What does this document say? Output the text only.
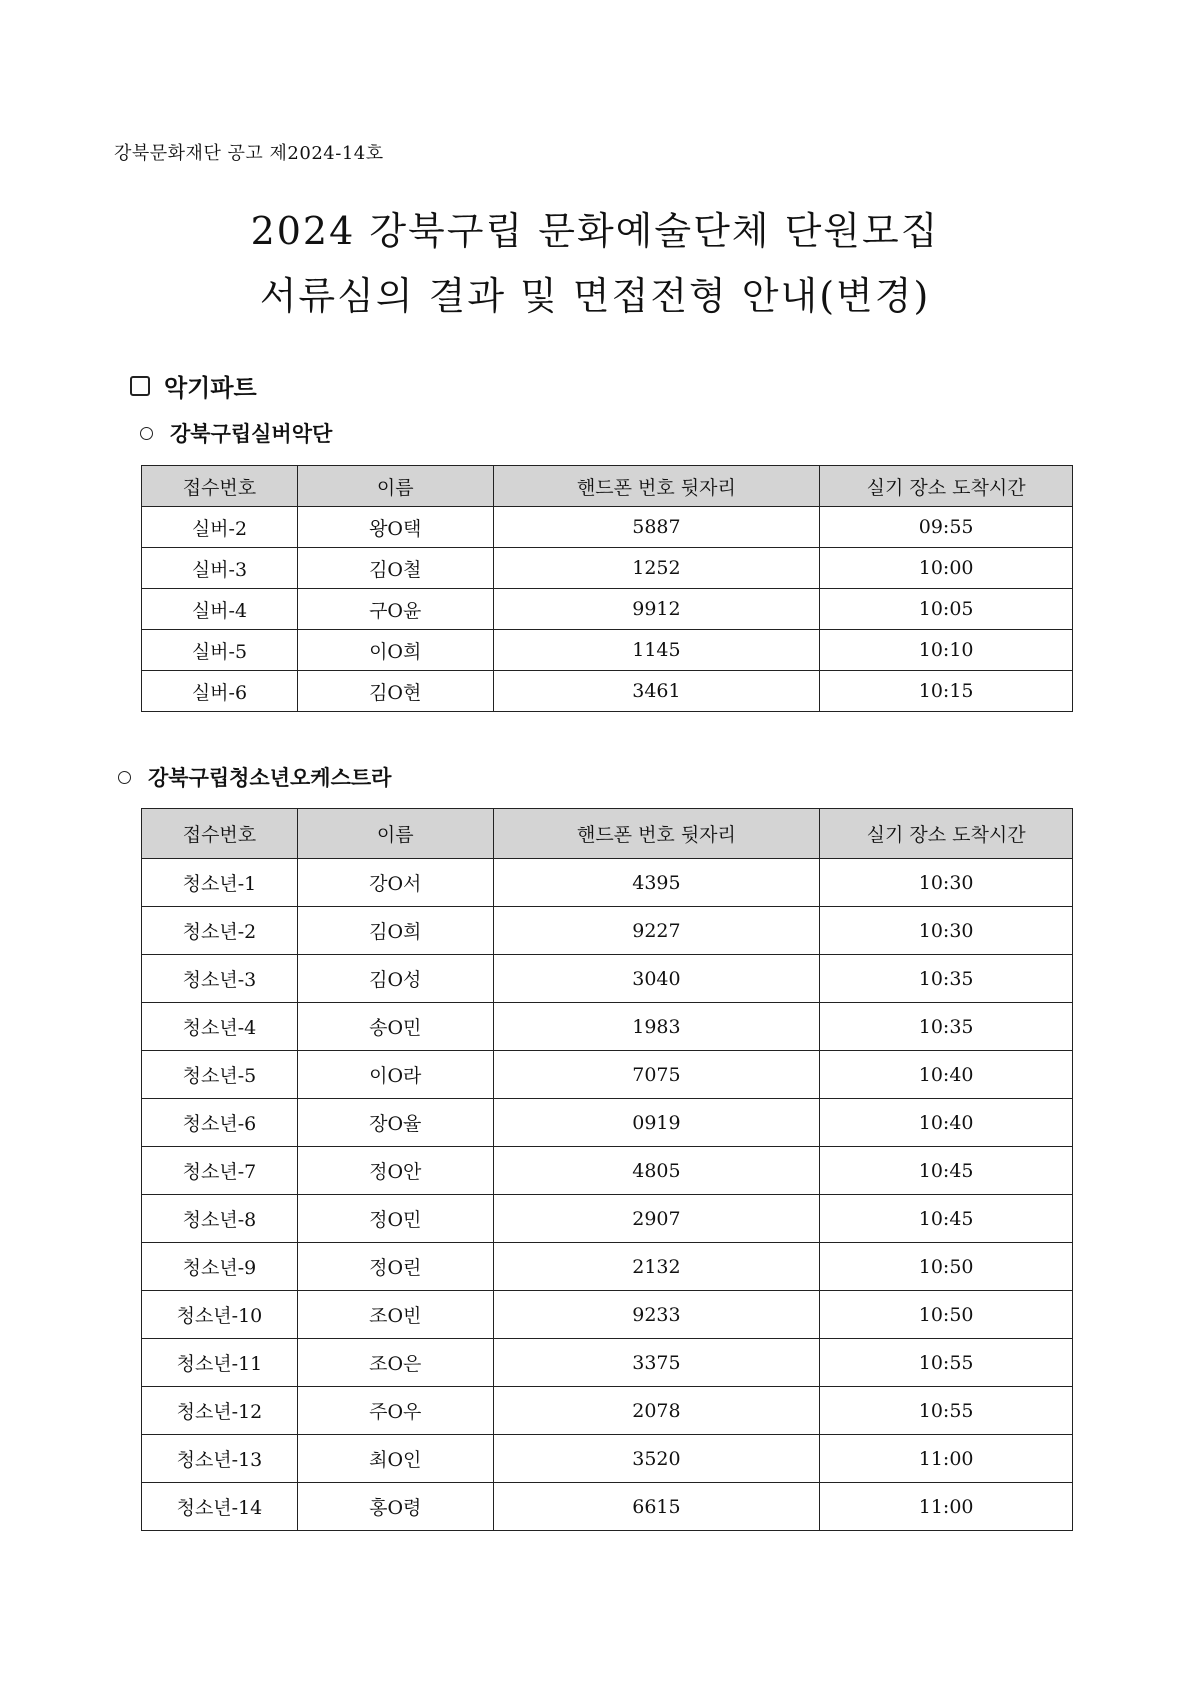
강북문화재단 공고 제2024-14호
2024 강북구립 문화예술단체 단원모집
서류심의 결과 및 면접전형 안내(변경)
악기파트
강북구립실버악단
접수번호	이름	핸드폰 번호 뒷자리	실기 장소 도착시간
실버-2	왕O택	5887	09:55
실버-3	김O철	1252	10:00
실버-4	구O윤	9912	10:05
실버-5	이O희	1145	10:10
실버-6	김O현	3461	10:15
강북구립청소년오케스트라
접수번호	이름	핸드폰 번호 뒷자리	실기 장소 도착시간
청소년-1	강O서	4395	10:30
청소년-2	김O희	9227	10:30
청소년-3	김O성	3040	10:35
청소년-4	송O민	1983	10:35
청소년-5	이O라	7075	10:40
청소년-6	장O율	0919	10:40
청소년-7	정O안	4805	10:45
청소년-8	정O민	2907	10:45
청소년-9	정O린	2132	10:50
청소년-10	조O빈	9233	10:50
청소년-11	조O은	3375	10:55
청소년-12	주O우	2078	10:55
청소년-13	최O인	3520	11:00
청소년-14	홍O령	6615	11:00
